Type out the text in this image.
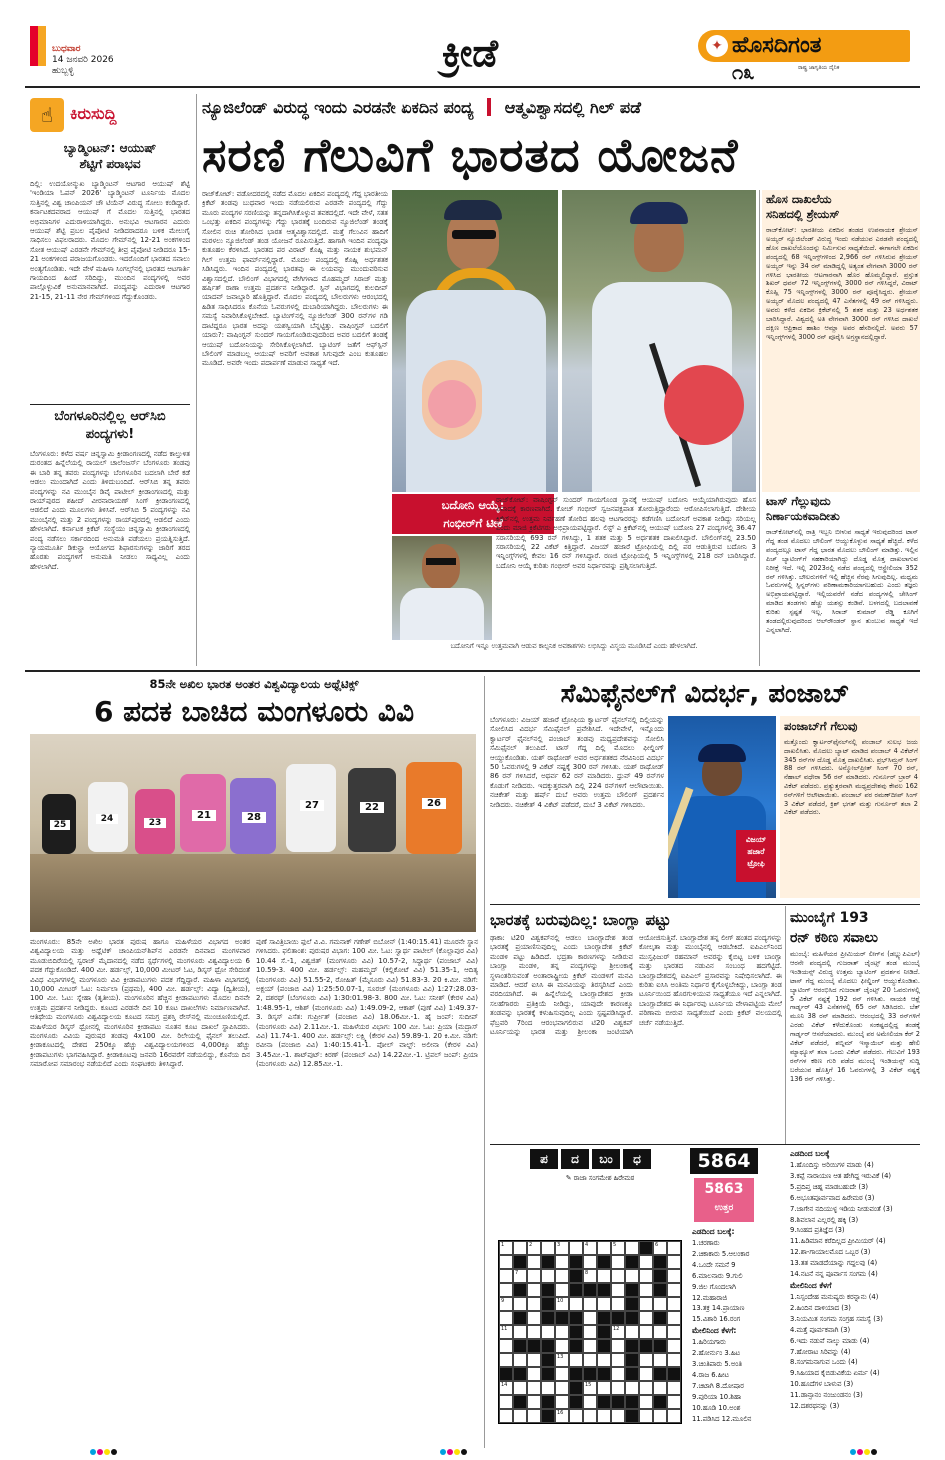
ಬುಧವಾರ
14 ಜನವರಿ 2026
ಹುಬ್ಬಳ್ಳಿ	ಕ್ರೀಡೆ	✦ ಹೊಸದಿಗಂತ
ರಾಷ್ಟ್ರ ಜಾಗೃತಿಯ ದೈನಿಕ
೧೩
☝	ಕಿರುಸುದ್ದಿ
ಬ್ಯಾಡ್ಮಿಂಟನ್: ಆಯುಷ್
ಶೆಟ್ಟಿಗೆ ಪರಾಭವ
ದಿಲ್ಲಿ: ಉದಯೋನ್ಮುಖ ಬ್ಯಾಡ್ಮಿಂಟನ್ ಆಟಗಾರ ಆಯುಷ್ ಶೆಟ್ಟಿ 'ಇಂಡಿಯಾ ಓಪನ್ 2026' ಬ್ಯಾಡ್ಮಿಂಟನ್ ಟೂರ್ನಿಯ ಮೊದಲ ಸುತ್ತಿನಲ್ಲಿ ವಿಶ್ವ ಚಾಂಪಿಯನ್ ಚೌ ಟಿಯೆನ್ ವಿರುದ್ಧ ಸೋಲು ಕಂಡಿದ್ದಾರೆ. ಕರ್ನಾಟಕದವರಾದ ಆಯುಷ್ ಗೆ ಮೊದಲ ಸುತ್ತಿನಲ್ಲಿ ಭಾರತದ ಅಭಿಮಾನಿಗಳ ಎದುರಾಳಿಯಾಗಿದ್ದರು. ಅನುಭವಿ ಆಟಗಾರನ ಎದುರು ಆಯುಷ್ ಶೆಟ್ಟಿ ಪ್ರಬಲ ಪೈಪೋಟಿ ನೀಡಿದರಾದರೂ ಬಳಿಕ ಮೇಲುಗೈ ಸಾಧಿಸಲು ವಿಫಲರಾದರು. ಮೊದಲ ಗೇಮ್‌ನಲ್ಲಿ 12-21 ಅಂಕಗಳಿಂದ ಸೋತ ಆಯುಷ್ ಎರಡನೇ ಗೇಮ್‌ನಲ್ಲಿ ತೀವ್ರ ಪೈಪೋಟಿ ನೀಡಿದರೂ 15-21 ಅಂಕಗಳಿಂದ ಪರಾಜಯಗೊಂಡರು. ಇದರೊಂದಿಗೆ ಭಾರತದ ಸವಾಲು ಅಂತ್ಯಗೊಂಡಿತು. ಇದೇ ವೇಳೆ ಮಹಿಳಾ ಸಿಂಗಲ್ಸ್‌ನಲ್ಲಿ ಭಾರತದ ಆಟಗಾರ್ತಿ ಗಾಯದಿಂದ ಹಿಂದೆ ಸರಿದಿದ್ದು, ಮುಂದಿನ ಪಂದ್ಯಗಳಲ್ಲಿ ಅವರ ಪಾಲ್ಗೊಳ್ಳುವಿಕೆ ಅನುಮಾನವಾಗಿದೆ. ಪಂದ್ಯವನ್ನು ಎದುರಾಳಿ ಆಟಗಾರ 21-15, 21-11 ನೇರ ಗೇಮ್‌ಗಳಿಂದ ಗೆದ್ದುಕೊಂಡರು.
ಬೆಂಗಳೂರಿನಲ್ಲಿಲ್ಲ ಆರ್‌ಸಿಬಿ
ಪಂದ್ಯಗಳು!
ಬೆಂಗಳೂರು: ಕಳೆದ ವರ್ಷ ಚಿನ್ನಸ್ವಾಮಿ ಕ್ರೀಡಾಂಗಣದಲ್ಲಿ ನಡೆದ ಕಾಲ್ತುಳಿತ ದುರಂತದ ಹಿನ್ನೆಲೆಯಲ್ಲಿ ರಾಯಲ್ ಚಾಲೆಂಜರ್ಸ್ ಬೆಂಗಳೂರು ತಂಡವು ಈ ಬಾರಿ ತನ್ನ ತವರು ಪಂದ್ಯಗಳನ್ನು ಬೆಂಗಳೂರಿನ ಬದಲಾಗಿ ಬೇರೆ ಕಡೆ ಆಡಲು ಮುಂದಾಗಿದೆ ಎಂದು ತಿಳಿದುಬಂದಿದೆ. ಆರ್‌ಸಿಬಿ ತನ್ನ ತವರು ಪಂದ್ಯಗಳನ್ನು ನವಿ ಮುಂಬೈನ ಡಿವೈ ಪಾಟೀಲ್ ಕ್ರೀಡಾಂಗಣದಲ್ಲಿ ಮತ್ತು ರಾಯ್‌ಪುರದ ಶಹೀದ್ ವೀರನಾರಾಯಣ್ ಸಿಂಗ್ ಕ್ರೀಡಾಂಗಣದಲ್ಲಿ ಆಡಲಿದೆ ಎಂದು ಮೂಲಗಳು ತಿಳಿಸಿವೆ. ಆರ್‌ಸಿಬಿ 5 ಪಂದ್ಯಗಳನ್ನು ನವಿ ಮುಂಬೈನಲ್ಲಿ ಮತ್ತು 2 ಪಂದ್ಯಗಳನ್ನು ರಾಯ್‌ಪುರದಲ್ಲಿ ಆಡಲಿದೆ ಎಂದು ಹೇಳಲಾಗಿದೆ. ಕರ್ನಾಟಕ ಕ್ರಿಕೆಟ್ ಸಂಸ್ಥೆಯು ಚಿನ್ನಸ್ವಾಮಿ ಕ್ರೀಡಾಂಗಣದಲ್ಲಿ ಪಂದ್ಯ ನಡೆಸಲು ಸರ್ಕಾರದಿಂದ ಅನುಮತಿ ಪಡೆಯಲು ಪ್ರಯತ್ನಿಸುತ್ತಿದೆ. ನ್ಯಾಯಮೂರ್ತಿ ಡಿಕುನ್ಹಾ ಆಯೋಗದ ಶಿಫಾರಸುಗಳನ್ನು ಜಾರಿಗೆ ತರದ ಹೊರತು ಪಂದ್ಯಗಳಿಗೆ ಅನುಮತಿ ನೀಡಲು ಸಾಧ್ಯವಿಲ್ಲ ಎಂದು ಹೇಳಲಾಗಿದೆ.
ನ್ಯೂಜಿಲೆಂಡ್ ವಿರುದ್ಧ ಇಂದು ಎರಡನೇ ಏಕದಿನ ಪಂದ್ಯ ಆತ್ಮವಿಶ್ವಾಸದಲ್ಲಿ ಗಿಲ್ ಪಡೆ
ಸರಣಿ ಗೆಲುವಿಗೆ ಭಾರತದ ಯೋಜನೆ
ರಾಜ್‌ಕೋಟ್: ವಡೋದರದಲ್ಲಿ ನಡೆದ ಮೊದಲ ಏಕದಿನ ಪಂದ್ಯದಲ್ಲಿ ಗೆದ್ದ ಭಾರತೀಯ ಕ್ರಿಕೆಟ್ ತಂಡವು ಬುಧವಾರ ಇಂದು ನಡೆಯಲಿರುವ ಎರಡನೇ ಪಂದ್ಯದಲ್ಲಿ ಗೆದ್ದು ಮೂರು ಪಂದ್ಯಗಳ ಸರಣಿಯನ್ನು ತನ್ನದಾಗಿಸಿಕೊಳ್ಳುವ ತವಕದಲ್ಲಿದೆ. ಇದೇ ವೇಳೆ, ಸತತ ಒಂಭತ್ತು ಏಕದಿನ ಪಂದ್ಯಗಳನ್ನು ಗೆದ್ದು ಭಾರತಕ್ಕೆ ಬಂದಿರುವ ನ್ಯೂಜಿಲೆಂಡ್ ತಂಡಕ್ಕೆ ಸೋಲಿನ ರುಚಿ ತೋರಿಸಿದ ಭಾರತ ಆತ್ಮವಿಶ್ವಾಸದಲ್ಲಿದೆ. ಮತ್ತೆ ಗೆಲುವಿನ ಹಾದಿಗೆ ಮರಳಲು ನ್ಯೂಜಿಲೆಂಡ್ ತಂಡ ಯೋಜನೆ ರೂಪಿಸುತ್ತಿದೆ. ಹಾಗಾಗಿ ಇಂದಿನ ಪಂದ್ಯವೂ ಕುತೂಹಲ ಕೆರಳಿಸಿದೆ. ಭಾರತದ ಪರ ವಿರಾಟ್ ಕೊಹ್ಲಿ ಮತ್ತು ನಾಯಕ ಶುಭಮನ್ ಗಿಲ್ ಉತ್ತಮ ಫಾರ್ಮ್‌ನಲ್ಲಿದ್ದಾರೆ. ಮೊದಲ ಪಂದ್ಯದಲ್ಲಿ ಕೊಹ್ಲಿ ಅರ್ಧಶತಕ ಸಿಡಿಸಿದ್ದರು. ಇಂದಿನ ಪಂದ್ಯದಲ್ಲಿ ಭಾರತವು ಈ ಲಯವನ್ನು ಮುಂದುವರಿಸುವ ವಿಶ್ವಾಸದಲ್ಲಿದೆ. ಬೌಲಿಂಗ್ ವಿಭಾಗದಲ್ಲಿ ವೇಗಿಗಳಾದ ಮೊಹಮ್ಮದ್ ಸಿರಾಜ್ ಮತ್ತು ಹರ್ಷಿತ್ ರಾಣಾ ಉತ್ತಮ ಪ್ರದರ್ಶನ ನೀಡಿದ್ದಾರೆ. ಸ್ಪಿನ್ ವಿಭಾಗದಲ್ಲಿ ಕುಲದೀಪ್ ಯಾದವ್ ಜವಾಬ್ದಾರಿ ಹೊತ್ತಿದ್ದಾರೆ. ಮೊದಲ ಪಂದ್ಯದಲ್ಲಿ ಬೌಲರುಗಳು ಆರಂಭದಲ್ಲಿ ಹಿಡಿತ ಸಾಧಿಸಿದರೂ ಕೊನೆಯ ಓವರುಗಳಲ್ಲಿ ದುಬಾರಿಯಾಗಿದ್ದರು. ಬೌಲರುಗಳು ಈ ಸಮಸ್ಯೆ ನಿವಾರಿಸಿಕೊಳ್ಳಬೇಕಿದೆ. ಬ್ಯಾಟಿಂಗ್‌ನಲ್ಲಿ ನ್ಯೂಜಿಲೆಂಡ್ 300 ರನ್‌ಗಳ ಗಡಿ ದಾಟಿದ್ದರೂ ಭಾರತ ಅದನ್ನು ಯಶಸ್ವಿಯಾಗಿ ಬೆನ್ನಟ್ಟಿತ್ತು. ವಾಷಿಂಗ್ಟನ್ ಬದಲಿಗೆ ಯಾರು?: ವಾಷಿಂಗ್ಟನ್ ಸುಂದರ್ ಗಾಯಗೊಂಡಿರುವುದರಿಂದ ಅವರ ಬದಲಿಗೆ ತಂಡಕ್ಕೆ ಆಯುಷ್ ಬದೋನಿಯನ್ನು ಸೇರಿಸಿಕೊಳ್ಳಲಾಗಿದೆ. ಬ್ಯಾಟಿಂಗ್ ಜತೆಗೆ ಆಫ್‌ಸ್ಪಿನ್ ಬೌಲಿಂಗ್ ಮಾಡಬಲ್ಲ ಆಯುಷ್ ಅವರಿಗೆ ಅವಕಾಶ ಸಿಗುವುದೇ ಎಂಬ ಕುತೂಹಲ ಮೂಡಿದೆ. ಅವರೇ ಇಂದು ಪದಾರ್ಪಣೆ ಮಾಡುವ ಸಾಧ್ಯತೆ ಇದೆ.
ಬದೋನಿ ಆಯ್ಕೆ:
ಗಂಭೀರ್‌ಗೆ ಟೀಕೆ
ರಾಜ್‌ಕೋಟ್: ವಾಷಿಂಗ್ಟನ್ ಸುಂದರ್ ಗಾಯಗೊಂಡ ಸ್ಥಾನಕ್ಕೆ ಆಯುಷ್ ಬದೋನಿ ಆಯ್ಕೆಯಾಗಿರುವುದು ಹೊಸ ವಿವಾದಕ್ಕೆ ಕಾರಣವಾಗಿದೆ. ಕೋಚ್ ಗಂಭೀರ್ ಸ್ವಜನಪಕ್ಷಪಾತ ತೋರುತ್ತಿದ್ದಾರೆಂದು ಆರೋಪಿಸಲಾಗುತ್ತಿದೆ. ದೇಶೀಯ ಕ್ರಿಕೆಟ್‌ನಲ್ಲಿ ಉತ್ತಮ ನಿರ್ವಹಣೆ ತೋರಿದ ಹಲವು ಆಟಗಾರರನ್ನು ಕಡೆಗಣಿಸಿ ಬದೋನಿಗೆ ಅವಕಾಶ ನೀಡಿದ್ದು ಸರಿಯಲ್ಲ ಎಂದು ಮಾಜಿ ಕ್ರಿಕೆಟಿಗರು ಅಭಿಪ್ರಾಯಪಟ್ಟಿದ್ದಾರೆ. ಲಿಸ್ಟ್ ಎ ಕ್ರಿಕೆಟ್‌ನಲ್ಲಿ ಆಯುಷ್ ಬದೋನಿ 27 ಪಂದ್ಯಗಳಲ್ಲಿ 36.47 ಸರಾಸರಿಯಲ್ಲಿ 693 ರನ್ ಗಳಿಸಿದ್ದು, 1 ಶತಕ ಮತ್ತು 5 ಅರ್ಧಶತಕ ದಾಖಲಿಸಿದ್ದಾರೆ. ಬೌಲಿಂಗ್‌ನಲ್ಲಿ 23.50 ಸರಾಸರಿಯಲ್ಲಿ 22 ವಿಕೆಟ್ ಕಿತ್ತಿದ್ದಾರೆ. ವಿಜಯ್ ಹಜಾರೆ ಟ್ರೋಫಿಯಲ್ಲಿ ದಿಲ್ಲಿ ಪರ ಆಡುತ್ತಿರುವ ಬದೋನಿ 3 ಇನ್ನಿಂಗ್ಸ್‌ಗಳಲ್ಲಿ ಕೇವಲ 16 ರನ್ ಗಳಿಸಿದ್ದಾರೆ. ರಣಜಿ ಟ್ರೋಫಿಯಲ್ಲಿ 5 ಇನ್ನಿಂಗ್ಸ್‌ಗಳಲ್ಲಿ 218 ರನ್ ಬಾರಿಸಿದ್ದಾರೆ. ಬದೋನಿ ಆಯ್ಕೆ ಕುರಿತು ಗಂಭೀರ್ ಅವರ ನಿರ್ಧಾರವನ್ನು ಪ್ರಶ್ನಿಸಲಾಗುತ್ತಿದೆ.
ಬದೋನಿಗೆ ಇನ್ನೂ ಉತ್ತಮವಾಗಿ ಆಡುವ ಕಾಲ್ಪನಿಕ ಅವಕಾಶಗಳು ಲಭಿಸಿದ್ದು ವಿಸ್ಮಯ ಮೂಡಿಸಿದೆ ಎಂದು ಹೇಳಲಾಗಿದೆ.
ಹೊಸ ದಾಖಲೆಯ
ಸನಿಹದಲ್ಲಿ ಶ್ರೇಯಸ್
ರಾಜ್‌ಕೋಟ್: ಭಾರತೀಯ ಏಕದಿನ ತಂಡದ ಉಪನಾಯಕ ಶ್ರೇಯಸ್ ಅಯ್ಯರ್ ನ್ಯೂಜಿಲೆಂಡ್ ವಿರುದ್ಧ ಇಂದು ನಡೆಯುವ ಎರಡನೇ ಪಂದ್ಯದಲ್ಲಿ ಹೊಸ ದಾಖಲೆಯೊಂದನ್ನು ನಿರ್ಮಿಸುವ ಸಾಧ್ಯತೆಯಿದೆ. ಈಗಾಗಲೇ ಏಕದಿನ ಪಂದ್ಯದಲ್ಲಿ 68 ಇನ್ನಿಂಗ್ಸ್‌ಗಳಿಂದ 2,966 ರನ್ ಗಳಿಸಿರುವ ಶ್ರೇಯಸ್ ಅಯ್ಯರ್ ಇನ್ನು 34 ರನ್ ಮಾಡಿದ್ದಲ್ಲಿ ಅತ್ಯಂತ ವೇಗವಾಗಿ 3000 ರನ್ ಗಳಿಸಿದ ಭಾರತೀಯ ಆಟಗಾರನಾಗಿ ಹೊರ ಹೊಮ್ಮಲಿದ್ದಾರೆ. ಪ್ರಸ್ತುತ ಶಿಖರ್ ಧವನ್ 72 ಇನ್ನಿಂಗ್ಸ್‌ಗಳಲ್ಲಿ 3000 ರನ್ ಗಳಿಸಿದ್ದರೆ, ವಿರಾಟ್ ಕೊಹ್ಲಿ 75 ಇನ್ನಿಂಗ್ಸ್‌ಗಳಲ್ಲಿ 3000 ರನ್ ಪೂರೈಸಿದ್ದರು. ಶ್ರೇಯಸ್ ಅಯ್ಯರ್ ಮೊದಲ ಪಂದ್ಯದಲ್ಲಿ 47 ಎಸೆತಗಳಲ್ಲಿ 49 ರನ್ ಗಳಿಸಿದ್ದರು. ಅವರು ಕಳೆದ ಏಕದಿನ ಕ್ರಿಕೆಟ್‌ನಲ್ಲಿ 5 ಶತಕ ಮತ್ತು 23 ಅರ್ಧಶತಕ ಬಾರಿಸಿದ್ದಾರೆ. ವಿಶ್ವದಲ್ಲಿ ಅತಿ ವೇಗವಾಗಿ 3000 ರನ್ ಗಳಿಸಿದ ದಾಖಲೆ ದಕ್ಷಿಣ ಆಫ್ರಿಕಾದ ಹಾಶಿಂ ಆಮ್ಲಾ ಅವರ ಹೆಸರಿನಲ್ಲಿದೆ. ಅವರು 57 ಇನ್ನಿಂಗ್ಸ್‌ಗಳಲ್ಲಿ 3000 ರನ್ ಪೂರೈಸಿ ಅಗ್ರಸ್ಥಾನದಲ್ಲಿದ್ದಾರೆ.
ಟಾಸ್ ಗೆಲ್ಲುವುದು
ನಿರ್ಣಾಯಕವಾದೀತು
ರಾಜ್‌ಕೋಟ್‌ನಲ್ಲಿ ರಾತ್ರಿ ಇಬ್ಬನಿ ಬೀಳುವ ಸಾಧ್ಯತೆ ಇರುವುದರಿಂದ ಟಾಸ್ ಗೆದ್ದ ತಂಡ ಮೊದಲು ಬೌಲಿಂಗ್ ಆಯ್ದುಕೊಳ್ಳುವ ಸಾಧ್ಯತೆ ಹೆಚ್ಚಿದೆ. ಕಳೆದ ಪಂದ್ಯದಲ್ಲೂ ಟಾಸ್ ಗೆದ್ದ ಭಾರತ ಮೊದಲು ಬೌಲಿಂಗ್ ಮಾಡಿತ್ತು. ಇಲ್ಲಿನ ಪಿಚ್ ಬ್ಯಾಟಿಂಗ್‌ಗೆ ಸಹಕಾರಿಯಾಗಿದ್ದು ದೊಡ್ಡ ಮೊತ್ತ ದಾಖಲಾಗುವ ನಿರೀಕ್ಷೆ ಇದೆ. ಇಲ್ಲಿ 2023ರಲ್ಲಿ ನಡೆದ ಪಂದ್ಯದಲ್ಲಿ ಆಸ್ಟ್ರೇಲಿಯಾ 352 ರನ್ ಗಳಿಸಿತ್ತು. ಬೌಲರುಗಳಿಗೆ ಇಲ್ಲಿ ಹೆಚ್ಚಿನ ನೆರವು ಸಿಗುವುದಿಲ್ಲ. ಮಧ್ಯಮ ಓವರುಗಳಲ್ಲಿ ಸ್ಪಿನ್ನರ್‌ಗಳು ಪರಿಣಾಮಕಾರಿಯಾಗಬಹುದು ಎಂದು ತಜ್ಞರು ಅಭಿಪ್ರಾಯಪಟ್ಟಿದ್ದಾರೆ. ಇಲ್ಲಿಯವರೆಗೆ ನಡೆದ ಪಂದ್ಯಗಳಲ್ಲಿ ಚೇಸಿಂಗ್ ಮಾಡಿದ ತಂಡಗಳು ಹೆಚ್ಚು ಯಶಸ್ಸು ಕಂಡಿವೆ. ಬಳಗದಲ್ಲಿ ಬದಲಾವಣೆ ಕುರಿತು ಸ್ಪಷ್ಟತೆ ಇಲ್ಲ. ಸಿರಾಜ್ ಕುಮಾರ್ ರೆಡ್ಡಿ ಕೂಗಿಗೆ ತಂಡದಲ್ಲಿರುವುದರಿಂದ ಆಲ್‌ರೌಂಡರ್ ಸ್ಥಾನ ತುಂಬುವ ಸಾಧ್ಯತೆ ಇದೆ ಎನ್ನಲಾಗಿದೆ.
85ನೇ ಅಖಿಲ ಭಾರತ ಅಂತರ ವಿಶ್ವವಿದ್ಯಾಲಯ ಅಥ್ಲೆಟಿಕ್ಸ್
6 ಪದಕ ಬಾಚಿದ ಮಂಗಳೂರು ವಿವಿ
25
24	23
21	28
27	22	26
ಮಂಗಳೂರು: 85ನೇ ಅಖಿಲ ಭಾರತ ಪುರುಷ ಹಾಗೂ ಮಹಿಳೆಯರ ವಿಭಾಗದ ಅಂತರ ವಿಶ್ವವಿದ್ಯಾಲಯ ಮತ್ತು ಅಥ್ಲೆಟಿಕ್ ಚಾಂಪಿಯನ್‌ಶಿಪ್‌ನ ಎರಡನೇ ದಿನವಾದ ಮಂಗಳವಾರ ಮೂಡುಬಿದಿರೆಯಲ್ಲಿ ಸ್ವರಾಜ್ ಮೈದಾನದಲ್ಲಿ ನಡೆದ ಸ್ಪರ್ಧೆಗಳಲ್ಲಿ ಮಂಗಳೂರು ವಿಶ್ವವಿದ್ಯಾಲಯ 6 ಪದಕ ಗೆದ್ದುಕೊಂಡಿದೆ. 400 ಮೀ. ಹರ್ಡಲ್ಸ್, 10,000 ಮೀಟರ್ ಓಟ, ಡಿಸ್ಕಸ್ ಥ್ರೋ ಸೇರಿದಂತೆ ವಿವಿಧ ವಿಭಾಗಗಳಲ್ಲಿ ಮಂಗಳೂರು ವಿವಿ ಕ್ರೀಡಾಪಟುಗಳು ಪದಕ ಗೆದ್ದಿದ್ದಾರೆ. ಮಹಿಳಾ ವಿಭಾಗದಲ್ಲಿ 10,000 ಮೀಟರ್ ಓಟ: ನಿರ್ಮಲಾ (ಪ್ರಥಮ), 400 ಮೀ. ಹರ್ಡಲ್ಸ್: ವಿದ್ಯಾ (ದ್ವಿತೀಯ), 100 ಮೀ. ಓಟ: ಸ್ನೇಹಾ (ತೃತೀಯ). ಮಂಗಳೂರಿನ ಹೆಚ್ಚಿನ ಕ್ರೀಡಾಪಟುಗಳು ಮೊದಲ ದಿನವೇ ಉತ್ತಮ ಪ್ರದರ್ಶನ ನೀಡಿದ್ದರು. ಕೂಟದ ಎರಡನೇ ದಿನ 10 ಕೂಟ ದಾಖಲೆಗಳು ನಿರ್ಮಾಣವಾಗಿವೆ. ಆತಿಥೇಯ ಮಂಗಳೂರು ವಿಶ್ವವಿದ್ಯಾಲಯ ಕೂಟದ ಸಮಗ್ರ ಪ್ರಶಸ್ತಿ ರೇಸ್‌ನಲ್ಲಿ ಮುಂಚೂಣಿಯಲ್ಲಿದೆ. ಮಹಿಳೆಯರ ಡಿಸ್ಕಸ್ ಥ್ರೋನಲ್ಲಿ ಮಂಗಳೂರಿನ ಕ್ರೀಡಾಪಟು ನೂತನ ಕೂಟ ದಾಖಲೆ ಸ್ಥಾಪಿಸಿದರು. ಮಂಗಳೂರು ವಿವಿಯ ಪುರುಷರ ತಂಡವು 4x100 ಮೀ. ರಿಲೇಯಲ್ಲಿ ಫೈನಲ್ ತಲುಪಿದೆ. ಕ್ರೀಡಾಕೂಟದಲ್ಲಿ ದೇಶದ 250ಕ್ಕೂ ಹೆಚ್ಚು ವಿಶ್ವವಿದ್ಯಾಲಯಗಳಿಂದ 4,000ಕ್ಕೂ ಹೆಚ್ಚು ಕ್ರೀಡಾಪಟುಗಳು ಭಾಗವಹಿಸಿದ್ದಾರೆ. ಕ್ರೀಡಾಕೂಟವು ಜನವರಿ 16ರವರೆಗೆ ನಡೆಯಲಿದ್ದು, ಕೊನೆಯ ದಿನ ಸಮಾರೋಪ ಸಮಾರಂಭ ನಡೆಯಲಿದೆ ಎಂದು ಸಂಘಟಕರು ತಿಳಿಸಿದ್ದಾರೆ.
ಪುಣೆ ಸಾವಿತ್ರಿಬಾಯಿ ಫುಲೆ ವಿ.ವಿ. ಗಮನಾಕ್ ಗಣೇಶ್ ಬಿಬೋನ್ (1:40:15.41) ಮೂರನೇ ಸ್ಥಾನ ಗಳಿಸಿದರು. ಫಲಿತಾಂಶ: ಪುರುಷರ ವಿಭಾಗ: 100 ಮೀ. ಓಟ: ಸ್ವಾರ್ಥ ಪಾಟೀಲ್ (ಕೊಲ್ಲಾಪುರ ವಿವಿ) 10.44 ಸೆ.-1, ವಿಶ್ವಜಿತ್ (ಮಂಗಳೂರು ವಿವಿ) 10.57-2, ಸಿದ್ಧಾರ್ಥ (ಪಂಜಾಬ್ ವಿವಿ) 10.59-3. 400 ಮೀ. ಹರ್ಡಲ್ಸ್: ಮಹಮ್ಮದ್ (ಕಲ್ಲಿಕೋಟೆ ವಿವಿ) 51.35-1, ಆದಿತ್ಯ (ಮಂಗಳೂರು ವಿವಿ) 51.55-2, ರೋಹಿತ್ (ಮೈಸೂರು ವಿವಿ) 51.83-3. 20 ಕಿ.ಮೀ. ನಡಿಗೆ: ಅಕ್ಷಯ್ (ಪಂಜಾಬಿ ವಿವಿ) 1:25:50.07-1, ಸೂರಜ್ (ಮಂಗಳೂರು ವಿವಿ) 1:27:28.03-2, ದಶರಥ್ (ಬೆಂಗಳೂರು ವಿವಿ) 1:30:01.98-3. 800 ಮೀ. ಓಟ: ಸನೀಶ್ (ಕೇರಳ ವಿವಿ) 1:48.95-1, ಆಶಿಶ್ (ಮಂಗಳೂರು ವಿವಿ) 1:49.09-2, ಆಕಾಶ್ (ಪುಣೆ ವಿವಿ) 1:49.37-3. ಡಿಸ್ಕಸ್ ಎಸೆತ: ಗುರ್ಪ್ರೀತ್ (ಪಂಜಾಬಿ ವಿವಿ) 18.06ಮೀ.-1. ಹೈ ಜಂಪ್: ಸುದೀಪ್ (ಮಂಗಳೂರು ವಿವಿ) 2.11ಮೀ.-1. ಮಹಿಳೆಯರ ವಿಭಾಗ: 100 ಮೀ. ಓಟ: ಪ್ರಿಯಾ (ಮದ್ರಾಸ್ ವಿವಿ) 11.74-1. 400 ಮೀ. ಹರ್ಡಲ್ಸ್: ಲಕ್ಷ್ಮಿ (ಕೇರಳ ವಿವಿ) 59.89-1. 20 ಕಿ.ಮೀ. ನಡಿಗೆ: ರವೀನಾ (ಪಂಜಾಬಿ ವಿವಿ) 1:40:15.41-1. ಪೋಲ್ ವಾಲ್ಟ್: ಅಲೀನಾ (ಕೇರಳ ವಿವಿ) 3.45ಮೀ.-1. ಶಾಟ್‌ಪುಟ್: ಕಿರಣ್ (ಪಂಜಾಬ್ ವಿವಿ) 14.22ಮೀ.-1. ಟ್ರಿಪಲ್ ಜಂಪ್: ಪ್ರಿಯಾ (ಮಂಗಳೂರು ವಿವಿ) 12.85ಮೀ.-1.
ಸೆಮಿಫೈನಲ್‌ಗೆ ವಿದರ್ಭ, ಪಂಜಾಬ್
ಬೆಂಗಳೂರು: ವಿಜಯ್ ಹಜಾರೆ ಟ್ರೋಫಿಯ ಕ್ವಾರ್ಟರ್ ಫೈನಲ್‌ನಲ್ಲಿ ದಿಲ್ಲಿಯನ್ನು ಸೋಲಿಸಿದ ವಿದರ್ಭ ಸೆಮಿಫೈನಲ್ ಪ್ರವೇಶಿಸಿದೆ. ಇದೇವೇಳೆ, ಇನ್ನೊಂದು ಕ್ವಾರ್ಟರ್ ಫೈನಲ್‌ನಲ್ಲಿ ಪಂಜಾಬ್ ತಂಡವು ಮಧ್ಯಪ್ರದೇಶವನ್ನು ಸೋಲಿಸಿ ಸೆಮಿಫೈನಲ್ ತಲುಪಿದೆ. ಟಾಸ್ ಗೆದ್ದ ದಿಲ್ಲಿ ಮೊದಲು ಫೀಲ್ಡಿಂಗ್ ಆಯ್ದುಕೊಂಡಿತು. ಯಶ್ ರಾಥೋಡ್ ಅವರ ಅರ್ಧಶತಕದ ನೆರವಿನಿಂದ ವಿದರ್ಭ 50 ಓವರುಗಳಲ್ಲಿ 9 ವಿಕೆಟ್ ನಷ್ಟಕ್ಕೆ 300 ರನ್ ಗಳಿಸಿತು. ಯಶ್ ರಾಥೋಡ್ 86 ರನ್ ಗಳಿಸಿದರೆ, ಅಥರ್ವ 62 ರನ್ ಮಾಡಿದರು. ಧ್ರುವ್ 49 ರನ್‌ಗಳ ಕೊಡುಗೆ ನೀಡಿದರು. ಇದಕ್ಕುತ್ತರವಾಗಿ ದಿಲ್ಲಿ 224 ರನ್‌ಗಳಿಗೆ ಆಲೌಟಾಯಿತು. ನಚಿಕೇತ್ ಮತ್ತು ಹರ್ಷ್ ದುಬೆ ಅವರು ಉತ್ತಮ ಬೌಲಿಂಗ್ ಪ್ರದರ್ಶನ ನೀಡಿದರು. ನಚಿಕೇತ್ 4 ವಿಕೆಟ್ ಪಡೆದರೆ, ದುಬೆ 3 ವಿಕೆಟ್ ಗಳಿಸಿದರು.
ವಿಜಯ್
ಹಜಾರೆ
ಟ್ರೋಫಿ
ಪಂಜಾಬ್‌ಗೆ ಗೆಲುವು
ಮತ್ತೊಂದು ಕ್ವಾರ್ಟರ್‌ಫೈನಲ್‌ನಲ್ಲಿ ಪಂಜಾಬ್ ಸುಲಭ ಜಯ ದಾಖಲಿಸಿತು. ಮೊದಲು ಬ್ಯಾಟ್ ಮಾಡಿದ ಪಂಜಾಬ್ 4 ವಿಕೆಟ್‌ಗೆ 345 ರನ್‌ಗಳ ದೊಡ್ಡ ಮೊತ್ತ ದಾಖಲಿಸಿತು. ಪ್ರಭ್‌ಸಿಮ್ರನ್ ಸಿಂಗ್ 88 ರನ್ ಗಳಿಸಿದರು. ಅನ್ಮೋಲ್‌ಪ್ರೀತ್ ಸಿಂಗ್ 70 ರನ್, ನೆಹಾಲ್ ವಧೇರಾ 56 ರನ್ ಮಾಡಿದರು. ಗುರ್ನೂರ್ ಬ್ರಾರ್ 4 ವಿಕೆಟ್ ಪಡೆದರು. ಪ್ರತ್ಯುತ್ತರವಾಗಿ ಮಧ್ಯಪ್ರದೇಶವು ಕೇವಲ 162 ರನ್‌ಗಳಿಗೆ ಆಲೌಟಾಯಿತು. ಪಂಜಾಬ್ ಪರ ರಮಣ್‌ದೀಪ್ ಸಿಂಗ್ 3 ವಿಕೆಟ್ ಪಡೆದರೆ, ಕ್ರಿಶ್ ಭಗತ್ ಮತ್ತು ಗುರ್ನೂರ್ ತಲಾ 2 ವಿಕೆಟ್ ಪಡೆದರು.
ಭಾರತಕ್ಕೆ ಬರುವುದಿಲ್ಲ: ಬಾಂಗ್ಲಾ ಪಟ್ಟು
ಢಾಕಾ: ಟಿ20 ವಿಶ್ವಕಪ್‌ನಲ್ಲಿ ಆಡಲು ಬಾಂಗ್ಲಾದೇಶ ತಂಡ ಭಾರತಕ್ಕೆ ಪ್ರಯಾಣಿಸುವುದಿಲ್ಲ ಎಂದು ಬಾಂಗ್ಲಾದೇಶ ಕ್ರಿಕೆಟ್ ಮಂಡಳಿ ಪಟ್ಟು ಹಿಡಿದಿದೆ. ಭದ್ರತಾ ಕಾರಣಗಳನ್ನು ನೀಡಿರುವ ಬಾಂಗ್ಲಾ ಮಂಡಳಿ, ತನ್ನ ಪಂದ್ಯಗಳನ್ನು ಶ್ರೀಲಂಕಾಕ್ಕೆ ಸ್ಥಳಾಂತರಿಸುವಂತೆ ಅಂತಾರಾಷ್ಟ್ರೀಯ ಕ್ರಿಕೆಟ್ ಮಂಡಳಿಗೆ ಮನವಿ ಮಾಡಿದೆ. ಆದರೆ ಐಸಿಸಿ ಈ ಮನವಿಯನ್ನು ತಿರಸ್ಕರಿಸಿದೆ ಎಂದು ವರದಿಯಾಗಿದೆ. ಈ ಹಿನ್ನೆಲೆಯಲ್ಲಿ ಬಾಂಗ್ಲಾದೇಶದ ಕ್ರೀಡಾ ಸಲಹೆಗಾರರು ಪ್ರತಿಕ್ರಿಯೆ ನೀಡಿದ್ದು, ಯಾವುದೇ ಕಾರಣಕ್ಕೂ ತಂಡವನ್ನು ಭಾರತಕ್ಕೆ ಕಳುಹಿಸುವುದಿಲ್ಲ ಎಂದು ಸ್ಪಷ್ಟಪಡಿಸಿದ್ದಾರೆ. ಫೆಬ್ರವರಿ 7ರಿಂದ ಆರಂಭವಾಗಲಿರುವ ಟಿ20 ವಿಶ್ವಕಪ್ ಟೂರ್ನಿಯನ್ನು ಭಾರತ ಮತ್ತು ಶ್ರೀಲಂಕಾ ಜಂಟಿಯಾಗಿ ಆಯೋಜಿಸುತ್ತಿವೆ. ಬಾಂಗ್ಲಾದೇಶ ತನ್ನ ಲೀಗ್ ಹಂತದ ಪಂದ್ಯಗಳನ್ನು ಕೋಲ್ಕತಾ ಮತ್ತು ಮುಂಬೈನಲ್ಲಿ ಆಡಬೇಕಿದೆ. ಐಪಿಎಲ್‌ನಿಂದ ಮುಸ್ತಫಿಜುರ್ ರಹಮಾನ್ ಅವರನ್ನು ಕೈಬಿಟ್ಟ ಬಳಿಕ ಬಾಂಗ್ಲಾ ಮತ್ತು ಭಾರತದ ನಡುವಿನ ಸಂಬಂಧ ಹದಗೆಟ್ಟಿದೆ. ಬಾಂಗ್ಲಾದೇಶದಲ್ಲಿ ಐಪಿಎಲ್ ಪ್ರಸಾರವನ್ನು ನಿಷೇಧಿಸಲಾಗಿದೆ. ಈ ಕುರಿತು ಐಸಿಸಿ ಅಂತಿಮ ನಿರ್ಧಾರ ಕೈಗೊಳ್ಳಬೇಕಿದ್ದು, ಬಾಂಗ್ಲಾ ತಂಡ ಟೂರ್ನಿಯಿಂದ ಹೊರಗುಳಿಯುವ ಸಾಧ್ಯತೆಯೂ ಇದೆ ಎನ್ನಲಾಗಿದೆ. ಬಾಂಗ್ಲಾದೇಶದ ಈ ನಿರ್ಧಾರವು ಟೂರ್ನಿಯ ವೇಳಾಪಟ್ಟಿಯ ಮೇಲೆ ಪರಿಣಾಮ ಬೀರುವ ಸಾಧ್ಯತೆಯಿದೆ ಎಂದು ಕ್ರಿಕೆಟ್ ವಲಯದಲ್ಲಿ ಚರ್ಚೆ ನಡೆಯುತ್ತಿದೆ.
ಮುಂಬೈಗೆ 193
ರನ್ ಕಠಿಣ ಸವಾಲು
ಮುಂಬೈ: ಮಹಿಳೆಯರ ಪ್ರೀಮಿಯರ್ ಲೀಗ್‌ನ (ಡಬ್ಲ್ಯುಪಿಎಲ್) ಆರನೇ ಪಂದ್ಯದಲ್ಲಿ ಗುಜರಾತ್ ಜೈಂಟ್ಸ್ ತಂಡ ಮುಂಬೈ ಇಂಡಿಯನ್ಸ್ ವಿರುದ್ಧ ಉತ್ತಮ ಬ್ಯಾಟಿಂಗ್ ಪ್ರದರ್ಶನ ನೀಡಿದೆ. ಟಾಸ್ ಗೆದ್ದ ಮುಂಬೈ ಮೊದಲು ಫೀಲ್ಡಿಂಗ್ ಆಯ್ದುಕೊಂಡಿತು. ಬ್ಯಾಟಿಂಗ್ ಆರಂಭಿಸಿದ ಗುಜರಾತ್ ಜೈಂಟ್ಸ್ 20 ಓವರುಗಳಲ್ಲಿ 5 ವಿಕೆಟ್ ನಷ್ಟಕ್ಕೆ 192 ರನ್ ಗಳಿಸಿತು. ನಾಯಕಿ ಆಶ್ಲೆ ಗಾರ್ಡ್ನರ್ 43 ಎಸೆತಗಳಲ್ಲಿ 65 ರನ್ ಸಿಡಿಸಿದರು. ಬೆತ್ ಮೂನಿ 38 ರನ್ ಮಾಡಿದರು. ಆರಂಭದಲ್ಲಿ 33 ರನ್‌ಗಳಿಗೆ ಎರಡು ವಿಕೆಟ್ ಕಳೆದುಕೊಂಡು ಸಂಕಷ್ಟದಲ್ಲಿದ್ದ ತಂಡಕ್ಕೆ ಗಾರ್ಡ್ನರ್ ಆಸರೆಯಾದರು. ಮುಂಬೈ ಪರ ಅಮೇಲಿಯಾ ಕೆರ್ 2 ವಿಕೆಟ್ ಪಡೆದರೆ, ಶಬ್ನಿಮ್ ಇಸ್ಮಾಯಿಲ್ ಮತ್ತು ಹೇಲಿ ಮ್ಯಾಥ್ಯೂಸ್ ತಲಾ ಒಂದು ವಿಕೆಟ್ ಪಡೆದರು. ಗೆಲುವಿಗೆ 193 ರನ್‌ಗಳ ಕಠಿಣ ಗುರಿ ಪಡೆದ ಮುಂಬೈ ಇಂಡಿಯನ್ಸ್ ಸುದ್ದಿ ಬರೆಯುವ ಹೊತ್ತಿಗೆ 16 ಓವರುಗಳಲ್ಲಿ 3 ವಿಕೆಟ್ ನಷ್ಟಕ್ಕೆ 136 ರನ್ ಗಳಿಸಿತ್ತು.
ಪ ದ ಬಂ ಧ
✎ ರಾಜಾ ಸಂಗಮೇಶ ಹಿರೇಮಠ
5864
5863
ಉತ್ತರ
1	2	3	4	5	6
7	8
9	10
11	12
13
14	15
16
ಎಡದಿಂದ ಬಲಕ್ಕೆ:
1.ಚರಣಾರು
2.ಚಿಕಾಕಾರು 5.ಆಲಂಕಾರ
4.ಒಂದೇ ಸಮನೆ 9
6.ಮಾಲನಾರು 9.ಗುಲಿ
9.ಜಿಲ ಗೊಂದಲಾಗಿ
12.ಮಹಾರಾಜಿ
13.ತಕ್ರ 14.ಪ್ರಾಯಾಣ
15.ವಿಶಾರಿ 16.ರಂಗ
ಮೇಲಿನಿಂದ ಕೆಳಗೆ:
1.ಹಿರಿಯಗಾರು
2.ಹೋರ್ನುಂ 3.ಹಿಟ
3.ಚಿಂತಿಪಾರು 5.ಅಂತಿ
4.ರಾಜ 6.ಹೀಟ
7.ಚಿಟಾಗಿ 8.ದೋಷಾರ
9.ಪುರಿಯಾ 10.ಶಿಹಾ
10.ಹೂಡಿ 10.ಅಂಶ
11.ಪಡಿಸಿದ 12.ಮೂಲಿನ
ಎಡದಿಂದ ಬಲಕ್ಕೆ
1.ಹೊಂದಿಸ್ತು ಅರಿಯಿಗಳ ಮಾಡು (4)
3.ಕಪ್ಪೆ ನಾರಾಯಣ ಆತ ಹೇಗಿದ್ದ ಇರುವಿಕೆ (4)
5.ಪ್ರದಿಪ್ತ ಚಿಹ್ನ ಮಾಡಬಹುದೇ (3)
6.ಅಭೂತಪೂರ್ವವಾದ ಹಿರೇಮಠ (3)
7.ಜಾಗೇನ ನದಿಯುಳ್ಳ ಇಡಿಯ ನೀಡುವಂತೆ (3)
8.ಶಿವಲಾನ ಎಲ್ಲರಲ್ಲಿ ಹಕ್ಕಿ (3)
9.ಸಿಂಹದ ಪ್ರತಿಜ್ಞೆದ (3)
11.ಹಿಡಿಮಾನ ಕರೆದಿಲ್ಲದ ಪ್ರೀಮಿಯರ್ (4)
12.ಶಾ-ಗಾಯಾಲಮೊದ ಒಬ್ಬರ (3)
13.ತತ ಮಾಡದೆಯಾನ್ನು ಗದ್ದಲವು (4)
14.ನಟನೆ ನನ್ನ ಪೂರ್ವಾಸ ಸಂಗಮ (4)
ಮೇಲಿನಿಂದ ಕೆಳಗೆ
1.ನಿಸ್ಸಂದೇಹ ಮನುಷ್ಯರು ಕರನ್ನಾನು (4)
2.ಹಿಂದಿನ ದಾಳಿಯಾದ (3)
3.ನಿಯಮಿತ ಸಂಗಮ ಸಂಗ್ರಹ ಸಮಸ್ಯೆ (3)
4.ಮತ್ತೆ ಪೂರ್ವಕವಾಗಿ (3)
6.ಇದು ನಡುವೆ ನಾಲ್ಕು ಮಾಡು (4)
7.ಹೋರಾಟ ಸಿರಿವನ್ನು (4)
8.ಸಂಗಮನಾಗುವ ಒಂದು (4)
9.ಸಿಹಿಯಾದ ಕೈಬಿಡುವಿಕೆಯ ಏರ್ಮ (4)
10.ಹೂದೆಗಳ ಬಾಳುವ (3)
11.ಡಾನ್ಸಾನಂ ನಂಜುಂಡನಂ (3)
12.ದಶರಥನನ್ನು (3)
